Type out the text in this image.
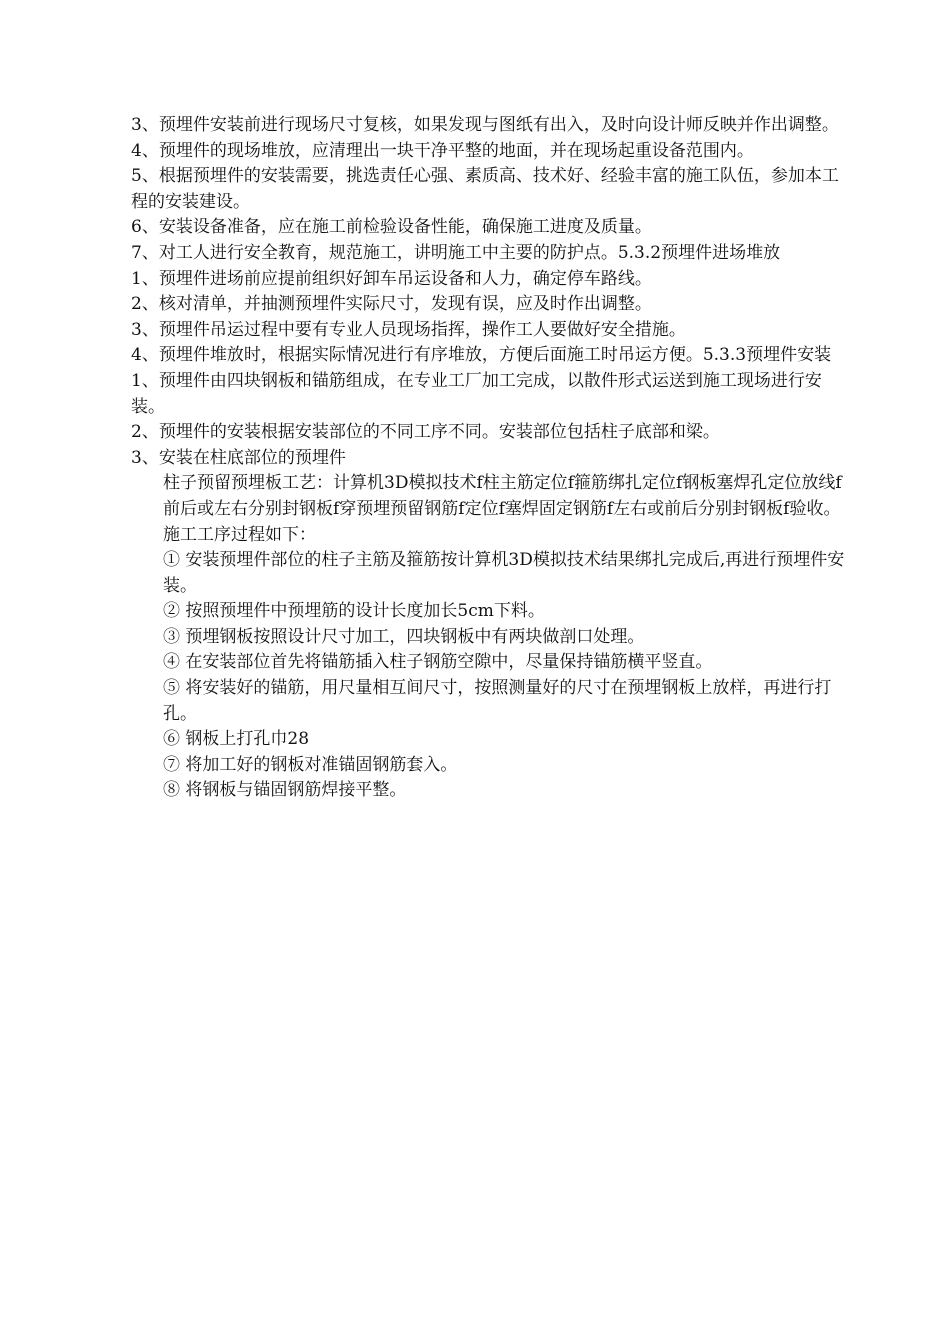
3、预埋件安装前进行现场尺寸复核，如果发现与图纸有出入，及时向设计师反映并作出调整。

4、预埋件的现场堆放，应清理出一块干净平整的地面，并在现场起重设备范围内。

5、根据预埋件的安装需要，挑选责任心强、素质高、技术好、经验丰富的施工队伍，参加本工程的安装建设。

6、安装设备准备，应在施工前检验设备性能，确保施工进度及质量。

7、对工人进行安全教育，规范施工，讲明施工中主要的防护点。5.3.2预埋件进场堆放

1、预埋件进场前应提前组织好卸车吊运设备和人力，确定停车路线。

2、核对清单，并抽测预埋件实际尺寸，发现有误，应及时作出调整。

3、预埋件吊运过程中要有专业人员现场指挥，操作工人要做好安全措施。

4、预埋件堆放时，根据实际情况进行有序堆放，方便后面施工时吊运方便。5.3.3预埋件安装

1、预埋件由四块钢板和锚筋组成，在专业工厂加工完成，以散件形式运送到施工现场进行安装。

2、预埋件的安装根据安装部位的不同工序不同。安装部位包括柱子底部和梁。

3、安装在柱底部位的预埋件

柱子预留预埋板工艺：计算机3D模拟技术f柱主筋定位f箍筋绑扎定位f钢板塞焊孔定位放线f前后或左右分别封钢板f穿预埋预留钢筋f定位f塞焊固定钢筋f左右或前后分别封钢板f验收。

施工工序过程如下：

① 安装预埋件部位的柱子主筋及箍筋按计算机3D模拟技术结果绑扎完成后,再进行预埋件安装。

② 按照预埋件中预埋筋的设计长度加长5cm下料。

③ 预埋钢板按照设计尺寸加工，四块钢板中有两块做剖口处理。

④ 在安装部位首先将锚筋插入柱子钢筋空隙中，尽量保持锚筋横平竖直。

⑤ 将安装好的锚筋，用尺量相互间尺寸，按照测量好的尺寸在预埋钢板上放样，再进行打孔。

⑥ 钢板上打孔巾28

⑦ 将加工好的钢板对准锚固钢筋套入。

⑧ 将钢板与锚固钢筋焊接平整。
